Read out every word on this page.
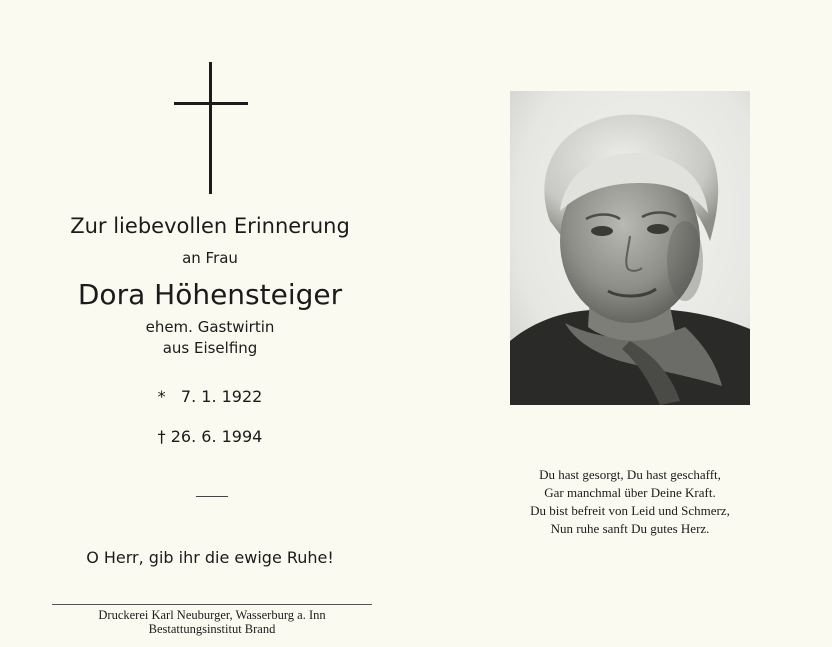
Zur liebevollen Erinnerung
an Frau
Dora Höhensteiger
ehem. Gastwirtin
aus Eiselfing
*   7. 1. 1922
† 26. 6. 1994
O Herr, gib ihr die ewige Ruhe!
Druckerei Karl Neuburger, Wasserburg a. Inn
Bestattungsinstitut Brand
Du hast gesorgt, Du hast geschafft,
Gar manchmal über Deine Kraft.
Du bist befreit von Leid und Schmerz,
Nun ruhe sanft Du gutes Herz.
